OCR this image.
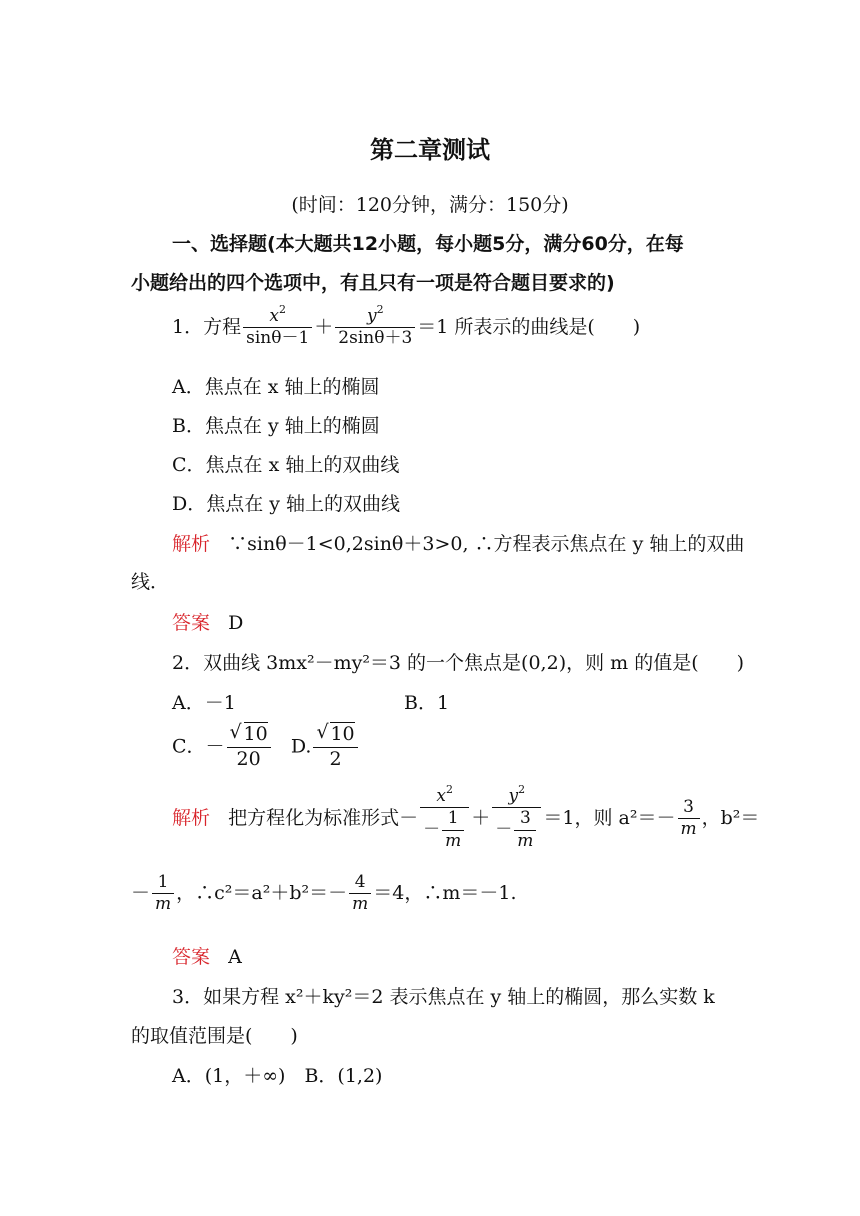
第二章测试
(时间：120分钟，满分：150分)
一、选择题(本大题共12小题，每小题5分，满分60分，在每
小题给出的四个选项中，有且只有一项是符合题目要求的)
1．方程 $\frac{x^2}{\sin\theta-1} + \frac{y^2}{2\sin\theta+3} =1$ 所表示的曲线是(　　)
A．焦点在 x 轴上的椭圆
B．焦点在 y 轴上的椭圆
C．焦点在 x 轴上的双曲线
D．焦点在 y 轴上的双曲线
解析 ∵sinθ－1<0,2sinθ＋3>0, ∴方程表示焦点在 y 轴上的双曲
线．
答案 D
2．双曲线 3mx²－my²＝3 的一个焦点是(0,2)，则 m 的值是(　　)
A．－1	B．1
C．－ √ $\frac{10}{20} D$. √ $\frac{10}{2}$
解析 把方程化为标准形式－ $\frac{x^2}{- \frac{1}{m}} + \frac{y^2}{- \frac{3}{m}} =1$，则 $a^2=- \frac{3}{m}$ ，b²＝
－ $\frac{1}{m}$ ，∴c²＝a²＋b²＝－ $\frac{4}{m} =4$，∴m＝－1.
答案 A
3．如果方程 x²＋ky²＝2 表示焦点在 y 轴上的椭圆，那么实数 k
的取值范围是(　　)
A．(1，＋∞)　B．(1,2)
